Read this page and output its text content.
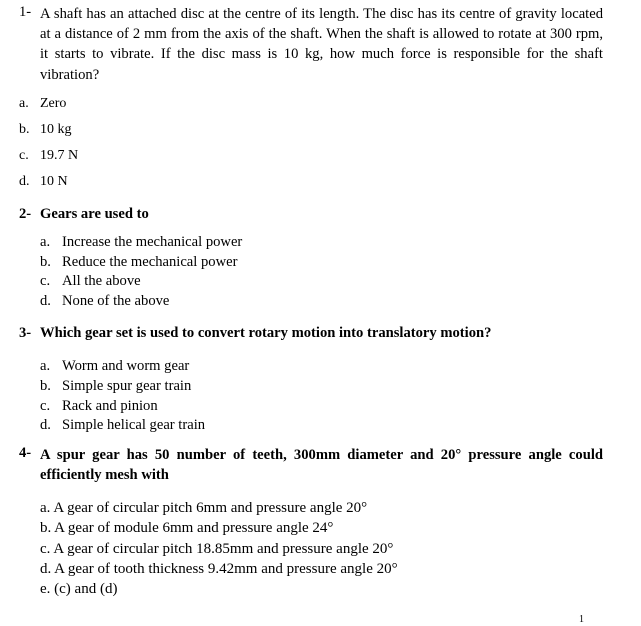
1- A shaft has an attached disc at the centre of its length. The disc has its centre of gravity located at a distance of 2 mm from the axis of the shaft. When the shaft is allowed to rotate at 300 rpm, it starts to vibrate. If the disc mass is 10 kg, how much force is responsible for the shaft vibration?
a. Zero
b. 10 kg
c. 19.7 N
d. 10 N
2- Gears are used to
a. Increase the mechanical power
b. Reduce the mechanical power
c. All the above
d. None of the above
3- Which gear set is used to convert rotary motion into translatory motion?
a. Worm and worm gear
b. Simple spur gear train
c. Rack and pinion
d. Simple helical gear train
4- A spur gear has 50 number of teeth, 300mm diameter and 20° pressure angle could efficiently mesh with
a. A gear of circular pitch 6mm and pressure angle 20°
b. A gear of module 6mm and pressure angle 24°
c. A gear of circular pitch 18.85mm and pressure angle 20°
d. A gear of tooth thickness 9.42mm and pressure angle 20°
e. (c) and (d)
1
